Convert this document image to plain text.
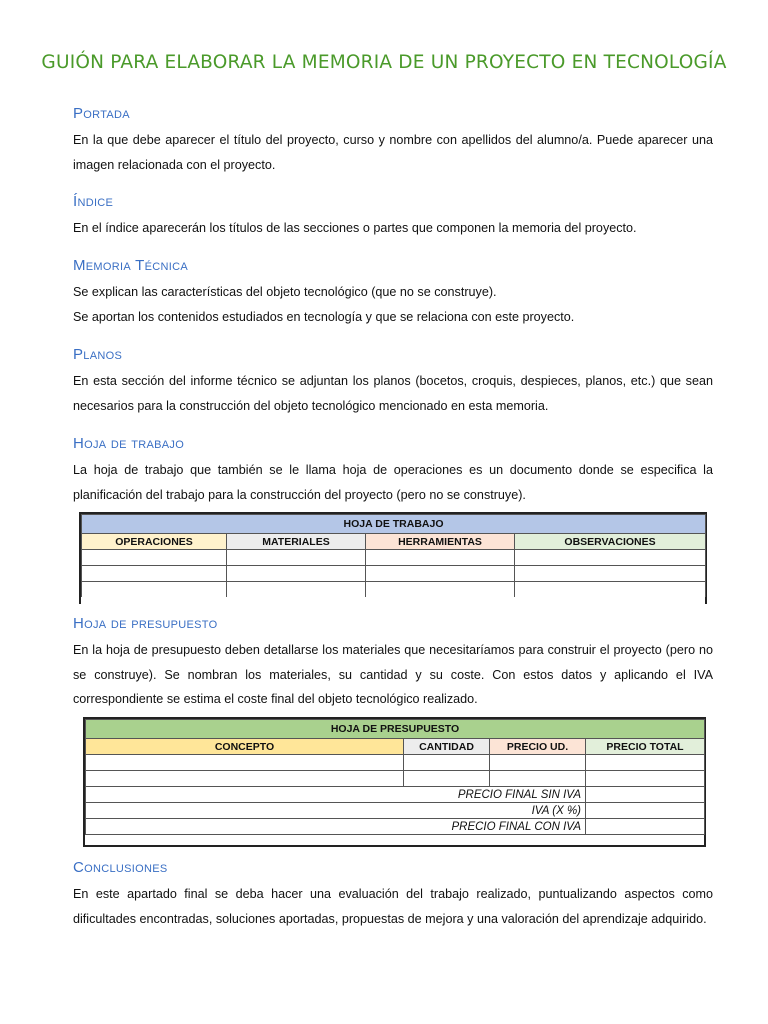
GUIÓN PARA ELABORAR LA MEMORIA DE UN PROYECTO EN TECNOLOGÍA
Portada

En la que debe aparecer el título del proyecto, curso y nombre con apellidos del alumno/a. Puede aparecer una imagen relacionada con el proyecto.

Índice

En el índice aparecerán los títulos de las secciones o partes que componen la memoria del proyecto.

Memoria Técnica

Se explican las características del objeto tecnológico (que no se construye).

Se aportan los contenidos estudiados en tecnología y que se relaciona con este proyecto.

Planos

En esta sección del informe técnico se adjuntan los planos (bocetos, croquis, despieces, planos, etc.) que sean necesarios para la construcción del objeto tecnológico mencionado en esta memoria.

Hoja de trabajo

La hoja de trabajo que también se le llama hoja de operaciones es un documento donde se especifica la planificación del trabajo para la construcción del proyecto (pero no se construye).

HOJA DE TRABAJO			
OPERACIONES	MATERIALES	HERRAMIENTAS	OBSERVACIONES

Hoja de presupuesto

En la hoja de presupuesto deben detallarse los materiales que necesitaríamos para construir el proyecto (pero no se construye). Se nombran los materiales, su cantidad y su coste. Con estos datos y aplicando el IVA correspondiente se estima el coste final del objeto tecnológico realizado.

HOJA DE PRESUPUESTO			
CONCEPTO	CANTIDAD	PRECIO UD.	PRECIO TOTAL

PRECIO FINAL SIN IVA			
IVA (X %)			
PRECIO FINAL CON IVA			
Conclusiones

En este apartado final se deba hacer una evaluación del trabajo realizado, puntualizando aspectos como dificultades encontradas, soluciones aportadas, propuestas de mejora y una valoración del aprendizaje adquirido.
